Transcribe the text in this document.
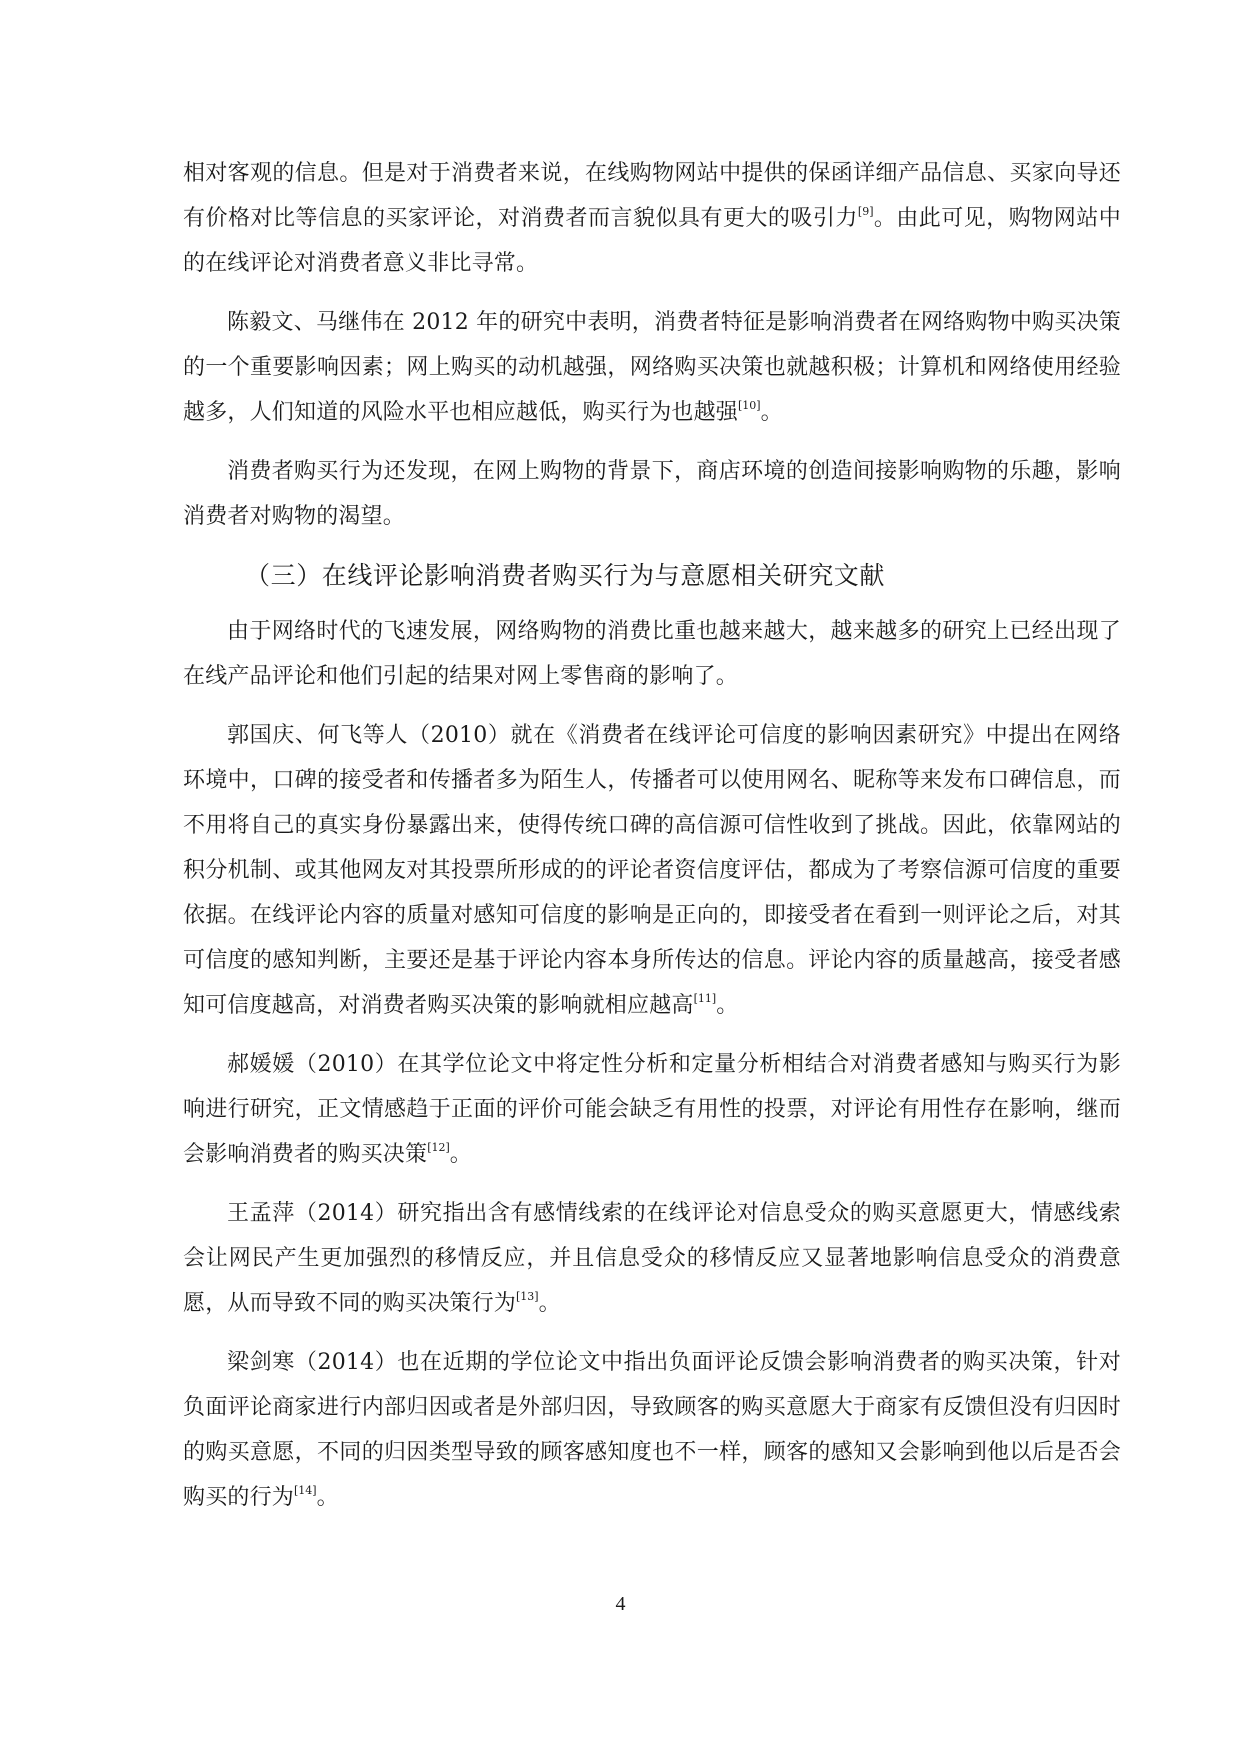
相对客观的信息。但是对于消费者来说，在线购物网站中提供的保函详细产品信息、买家向导还有价格对比等信息的买家评论，对消费者而言貌似具有更大的吸引力[9]。由此可见，购物网站中的在线评论对消费者意义非比寻常。

陈毅文、马继伟在 2012 年的研究中表明，消费者特征是影响消费者在网络购物中购买决策的一个重要影响因素；网上购买的动机越强，网络购买决策也就越积极；计算机和网络使用经验越多，人们知道的风险水平也相应越低，购买行为也越强[10]。

消费者购买行为还发现，在网上购物的背景下，商店环境的创造间接影响购物的乐趣，影响消费者对购物的渴望。

（三）在线评论影响消费者购买行为与意愿相关研究文献

由于网络时代的飞速发展，网络购物的消费比重也越来越大，越来越多的研究上已经出现了在线产品评论和他们引起的结果对网上零售商的影响了。

郭国庆、何飞等人（2010）就在《消费者在线评论可信度的影响因素研究》中提出在网络环境中，口碑的接受者和传播者多为陌生人，传播者可以使用网名、昵称等来发布口碑信息，而不用将自己的真实身份暴露出来，使得传统口碑的高信源可信性收到了挑战。因此，依靠网站的积分机制、或其他网友对其投票所形成的的评论者资信度评估，都成为了考察信源可信度的重要依据。在线评论内容的质量对感知可信度的影响是正向的，即接受者在看到一则评论之后，对其可信度的感知判断，主要还是基于评论内容本身所传达的信息。评论内容的质量越高，接受者感知可信度越高，对消费者购买决策的影响就相应越高[11]。

郝媛媛（2010）在其学位论文中将定性分析和定量分析相结合对消费者感知与购买行为影响进行研究，正文情感趋于正面的评价可能会缺乏有用性的投票，对评论有用性存在影响，继而会影响消费者的购买决策[12]。

王孟萍（2014）研究指出含有感情线索的在线评论对信息受众的购买意愿更大，情感线索会让网民产生更加强烈的移情反应，并且信息受众的移情反应又显著地影响信息受众的消费意愿，从而导致不同的购买决策行为[13]。

梁剑寒（2014）也在近期的学位论文中指出负面评论反馈会影响消费者的购买决策，针对负面评论商家进行内部归因或者是外部归因，导致顾客的购买意愿大于商家有反馈但没有归因时的购买意愿，不同的归因类型导致的顾客感知度也不一样，顾客的感知又会影响到他以后是否会购买的行为[14]。

4
